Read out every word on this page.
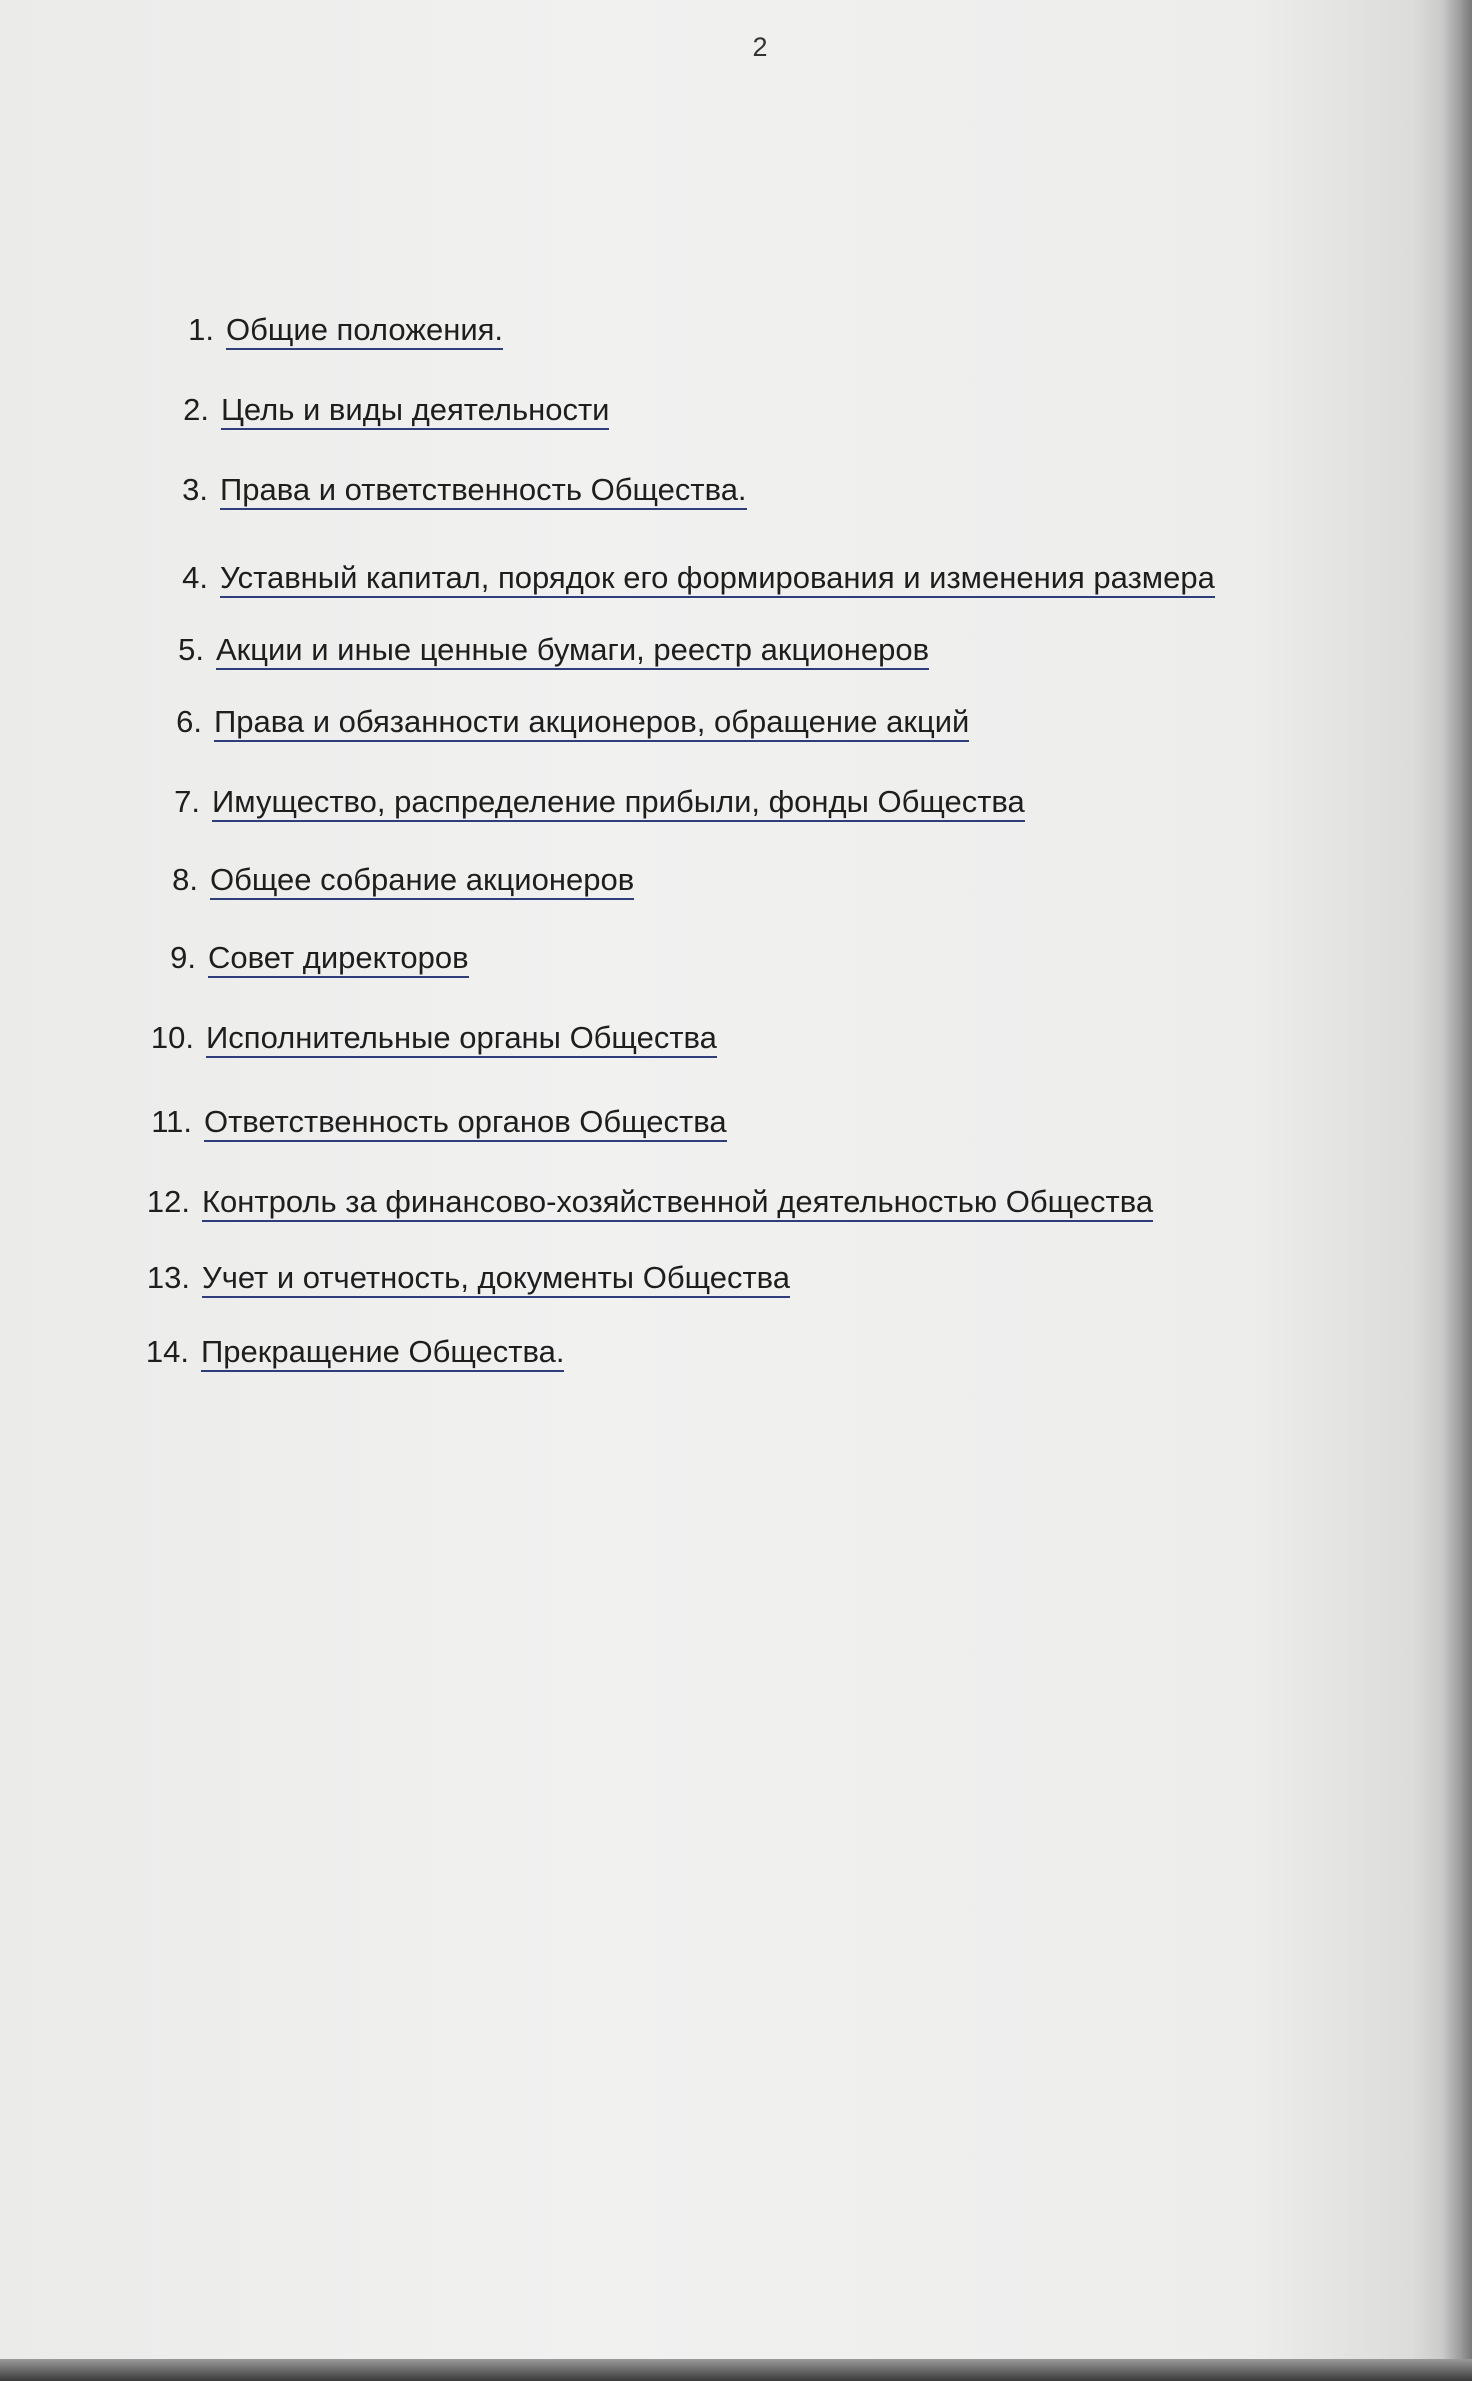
2
1. Общие положения.
2. Цель и виды деятельности
3. Права и ответственность Общества.
4. Уставный капитал, порядок его формирования и изменения размера
5. Акции и иные ценные бумаги, реестр акционеров
6. Права и обязанности акционеров, обращение акций
7. Имущество, распределение прибыли, фонды Общества
8. Общее собрание акционеров
9. Совет директоров
10. Исполнительные органы Общества
11. Ответственность органов Общества
12. Контроль за финансово-хозяйственной деятельностью Общества
13. Учет и отчетность, документы Общества
14. Прекращение Общества.
